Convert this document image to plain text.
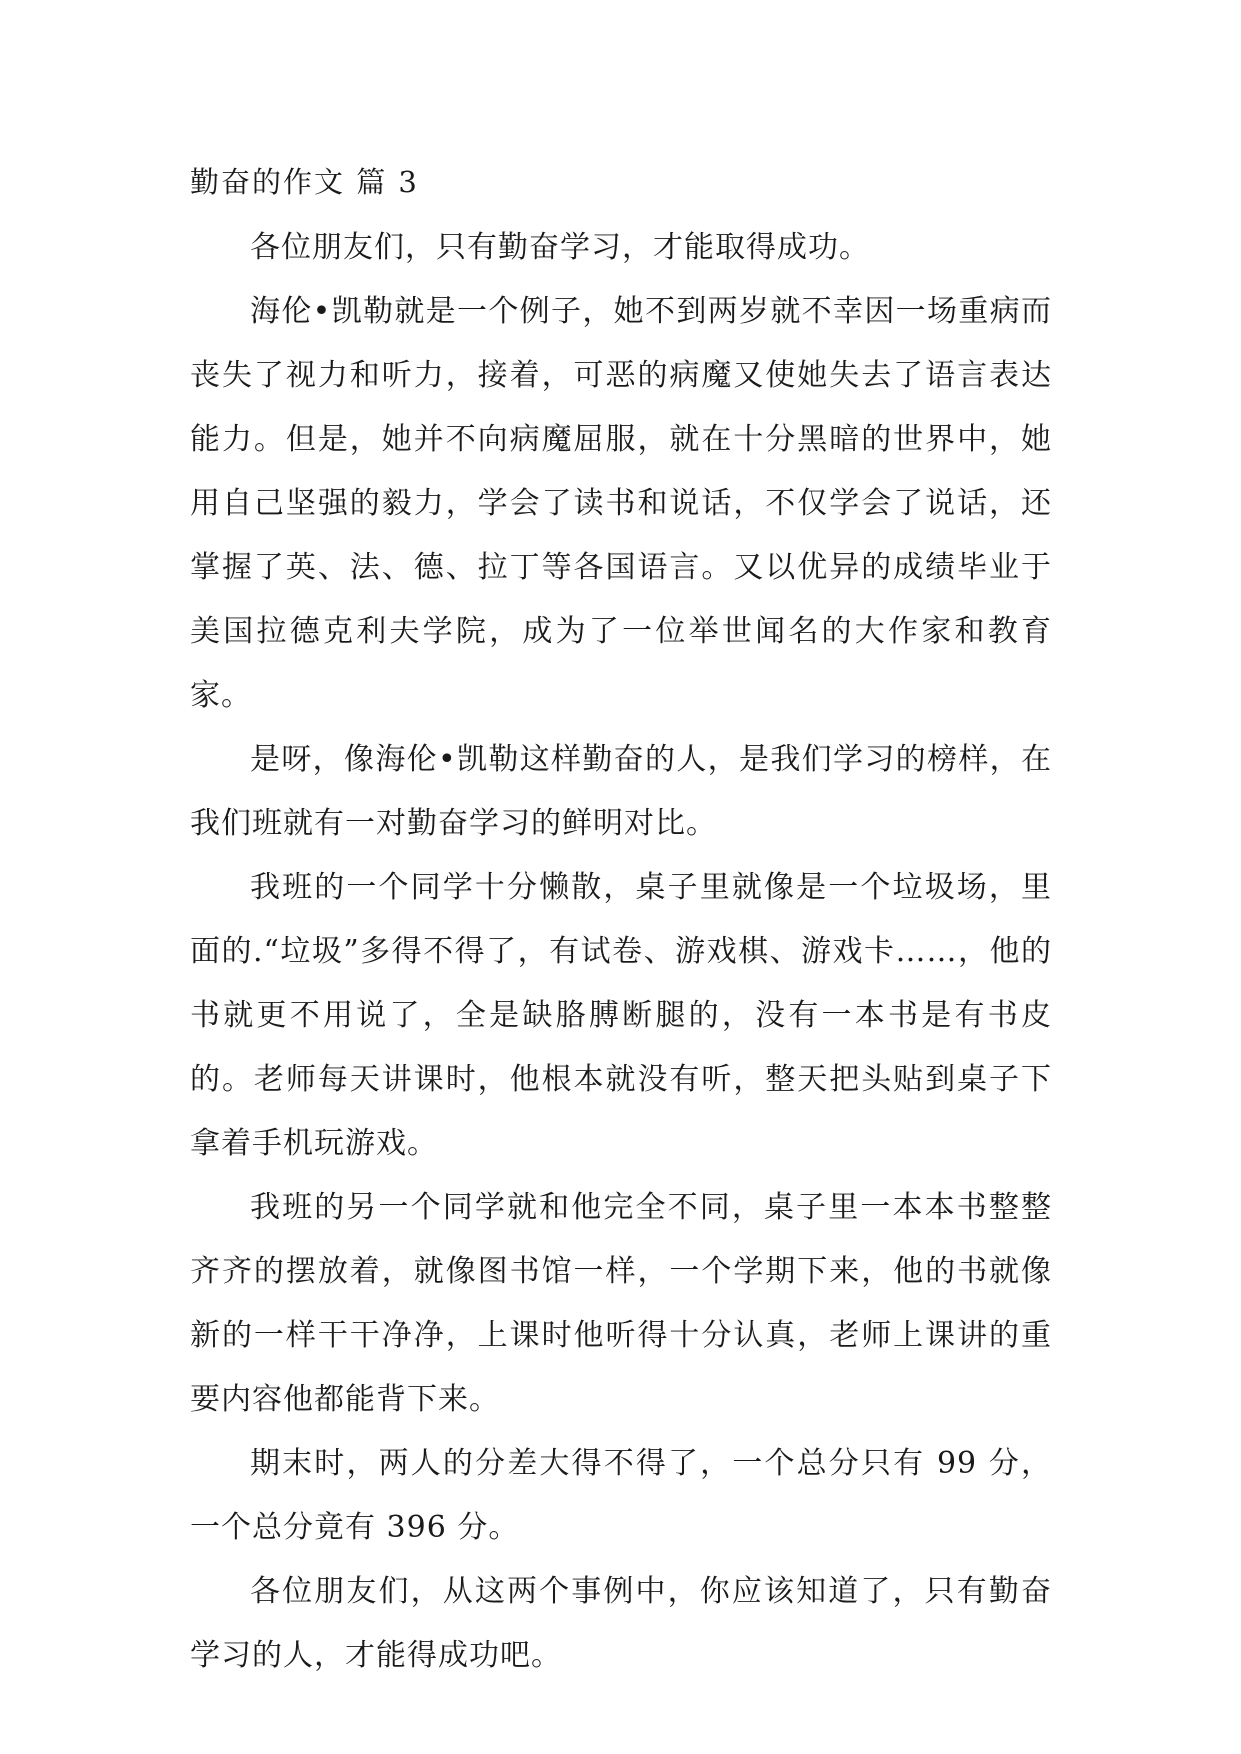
勤奋的作文 篇 3

各位朋友们，只有勤奋学习，才能取得成功。

海伦•凯勒就是一个例子，她不到两岁就不幸因一场重病而丧失了视力和听力，接着，可恶的病魔又使她失去了语言表达能力。但是，她并不向病魔屈服，就在十分黑暗的世界中，她用自己坚强的毅力，学会了读书和说话，不仅学会了说话，还掌握了英、法、德、拉丁等各国语言。又以优异的成绩毕业于美国拉德克利夫学院，成为了一位举世闻名的大作家和教育家。

是呀，像海伦•凯勒这样勤奋的人，是我们学习的榜样，在我们班就有一对勤奋学习的鲜明对比。

我班的一个同学十分懒散，桌子里就像是一个垃圾场，里面的.“垃圾”多得不得了，有试卷、游戏棋、游戏卡……，他的书就更不用说了，全是缺胳膊断腿的，没有一本书是有书皮的。老师每天讲课时，他根本就没有听，整天把头贴到桌子下拿着手机玩游戏。

我班的另一个同学就和他完全不同，桌子里一本本书整整齐齐的摆放着，就像图书馆一样，一个学期下来，他的书就像新的一样干干净净，上课时他听得十分认真，老师上课讲的重要内容他都能背下来。

期末时，两人的分差大得不得了，一个总分只有 99 分，一个总分竟有 396 分。

各位朋友们，从这两个事例中，你应该知道了，只有勤奋学习的人，才能得成功吧。
